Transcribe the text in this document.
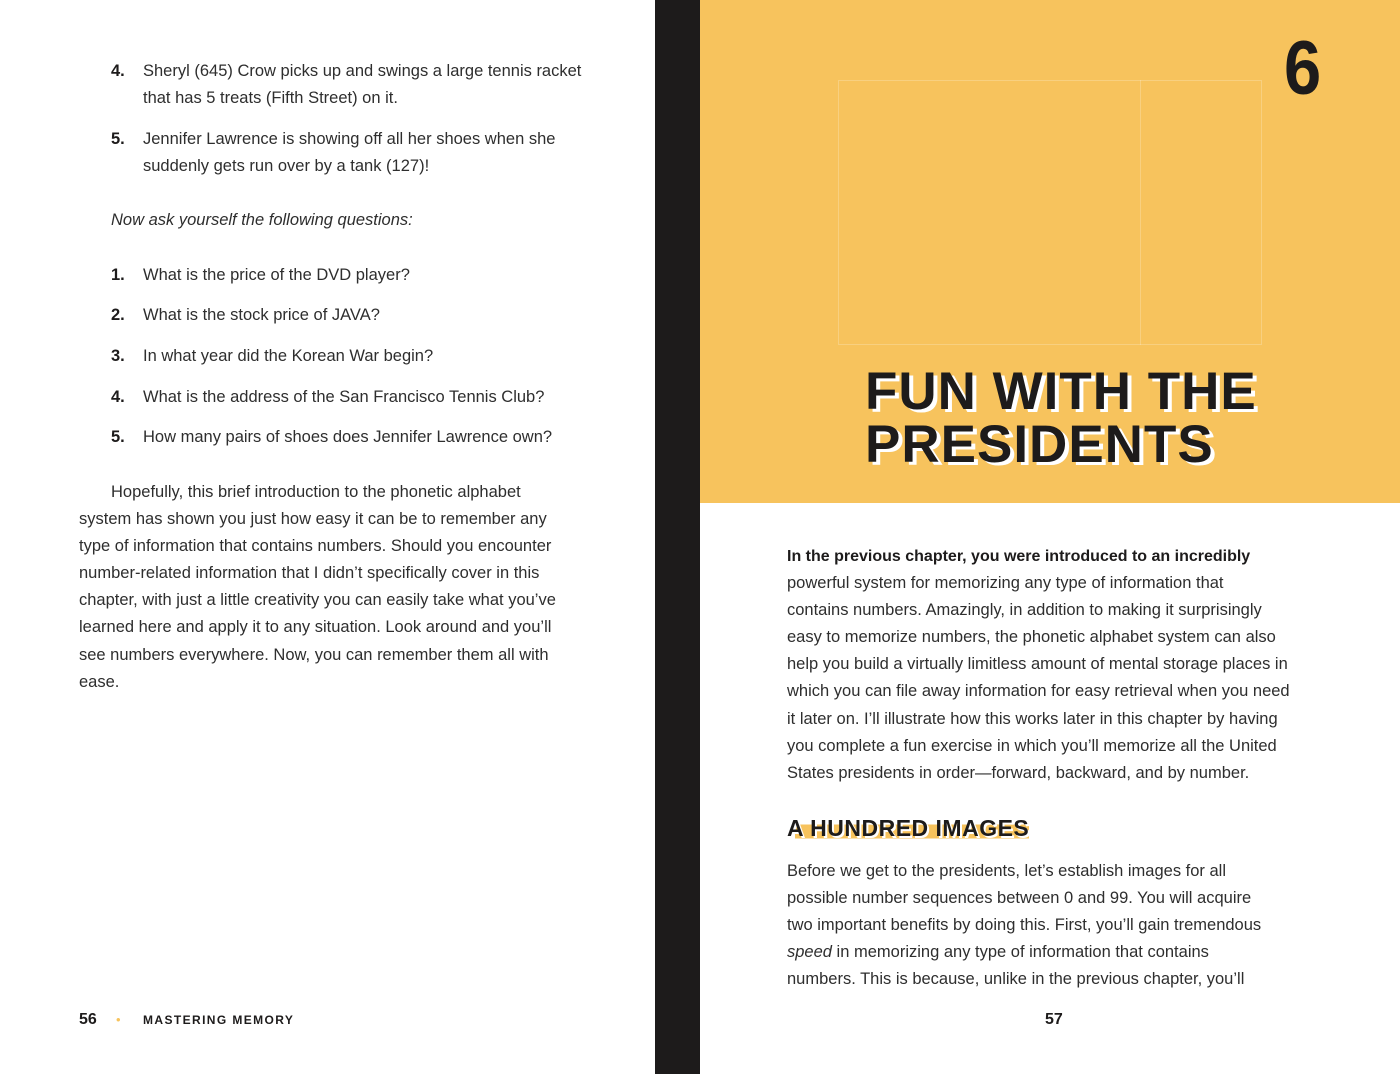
4. Sheryl (645) Crow picks up and swings a large tennis racket
that has 5 treats (Fifth Street) on it.
5. Jennifer Lawrence is showing off all her shoes when she
suddenly gets run over by a tank (127)!
Now ask yourself the following questions:
1. What is the price of the DVD player?
2. What is the stock price of JAVA?
3. In what year did the Korean War begin?
4. What is the address of the San Francisco Tennis Club?
5. How many pairs of shoes does Jennifer Lawrence own?
Hopefully, this brief introduction to the phonetic alphabet
system has shown you just how easy it can be to remember any
type of information that contains numbers. Should you encounter
number-related information that I didn’t specifically cover in this
chapter, with just a little creativity you can easily take what you’ve
learned here and apply it to any situation. Look around and you’ll
see numbers everywhere. Now, you can remember them all with
ease.
56 • MASTERING MEMORY
6
FUN WITH THE
PRESIDENTS
In the previous chapter, you were introduced to an incredibly
powerful system for memorizing any type of information that
contains numbers. Amazingly, in addition to making it surprisingly
easy to memorize numbers, the phonetic alphabet system can also
help you build a virtually limitless amount of mental storage places in
which you can file away information for easy retrieval when you need
it later on. I’ll illustrate how this works later in this chapter by having
you complete a fun exercise in which you’ll memorize all the United
States presidents in order—forward, backward, and by number.
A HUNDRED IMAGES
Before we get to the presidents, let’s establish images for all
possible number sequences between 0 and 99. You will acquire
two important benefits by doing this. First, you’ll gain tremendous
speed in memorizing any type of information that contains
numbers. This is because, unlike in the previous chapter, you’ll
57
